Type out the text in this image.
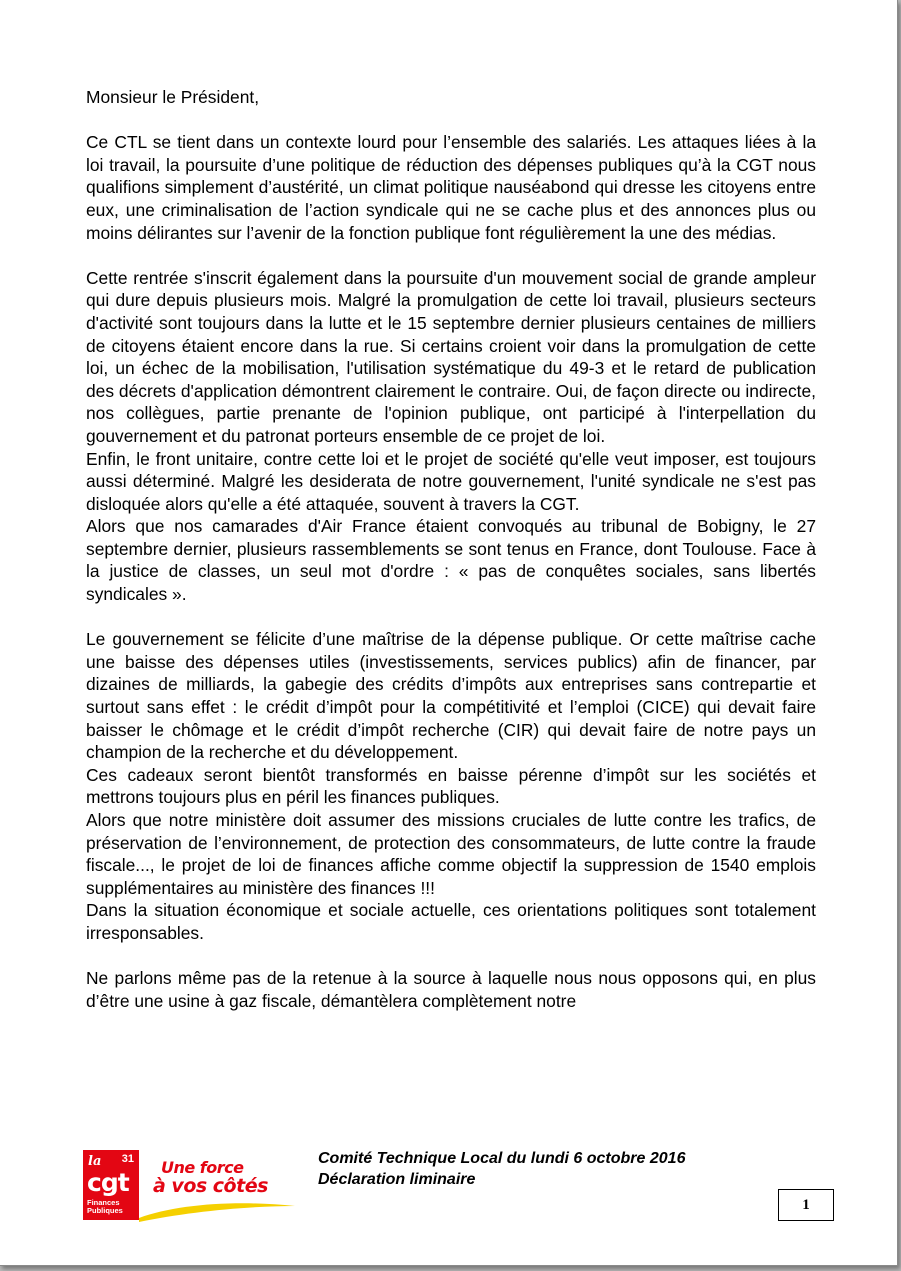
Monsieur le Président,

Ce CTL se tient dans un contexte lourd pour l’ensemble des salariés. Les attaques liées à la loi travail, la poursuite d’une politique de réduction des dépenses publiques qu’à la CGT nous qualifions simplement d’austérité, un climat politique nauséabond qui dresse les citoyens entre eux, une criminalisation de l’action syndicale qui ne se cache plus et des annonces plus ou moins délirantes sur l’avenir de la fonction publique font régulièrement la une des médias.

Cette rentrée s'inscrit également dans la poursuite d'un mouvement social de grande ampleur qui dure depuis plusieurs mois. Malgré la promulgation de cette loi travail, plusieurs secteurs d'activité sont toujours dans la lutte et le 15 septembre dernier plusieurs centaines de milliers de citoyens étaient encore dans la rue. Si certains croient voir dans la promulgation de cette loi, un échec de la mobilisation, l'utilisation systématique du 49-3 et le retard de publication des décrets d'application démontrent clairement le contraire. Oui, de façon directe ou indirecte, nos collègues, partie prenante de l'opinion publique, ont participé à l'interpellation du gouvernement et du patronat porteurs ensemble de ce projet de loi.

Enfin, le front unitaire, contre cette loi et le projet de société qu'elle veut imposer, est toujours aussi déterminé. Malgré les desiderata de notre gouvernement, l'unité syndicale ne s'est pas disloquée alors qu'elle a été attaquée, souvent à travers la CGT.

Alors que nos camarades d'Air France étaient convoqués au tribunal de Bobigny, le 27 septembre dernier, plusieurs rassemblements se sont tenus en France, dont Toulouse. Face à la justice de classes, un seul mot d'ordre : « pas de conquêtes sociales, sans libertés syndicales ».

Le gouvernement se félicite d’une maîtrise de la dépense publique. Or cette maîtrise cache une baisse des dépenses utiles (investissements, services publics) afin de financer, par dizaines de milliards, la gabegie des crédits d’impôts aux entreprises sans contrepartie et surtout sans effet : le crédit d’impôt pour la compétitivité et l’emploi (CICE) qui devait faire baisser le chômage et le crédit d’impôt recherche (CIR) qui devait faire de notre pays un champion de la recherche et du développement.

Ces cadeaux seront bientôt transformés en baisse pérenne d’impôt sur les sociétés et mettrons toujours plus en péril les finances publiques.

Alors que notre ministère doit assumer des missions cruciales de lutte contre les trafics, de préservation de l’environnement, de protection des consommateurs, de lutte contre la fraude fiscale..., le projet de loi de finances affiche comme objectif la suppression de 1540 emplois supplémentaires au ministère des finances !!!

Dans la situation économique et sociale actuelle, ces orientations politiques sont totalement irresponsables.

Ne parlons même pas de la retenue à la source à laquelle nous nous opposons qui, en plus d’être une usine à gaz fiscale, démantèlera complètement notre

la 31
cgt
Finances Publiques
Une force
à vos côtés
Comité Technique Local du lundi 6 octobre 2016
Déclaration liminaire
1
